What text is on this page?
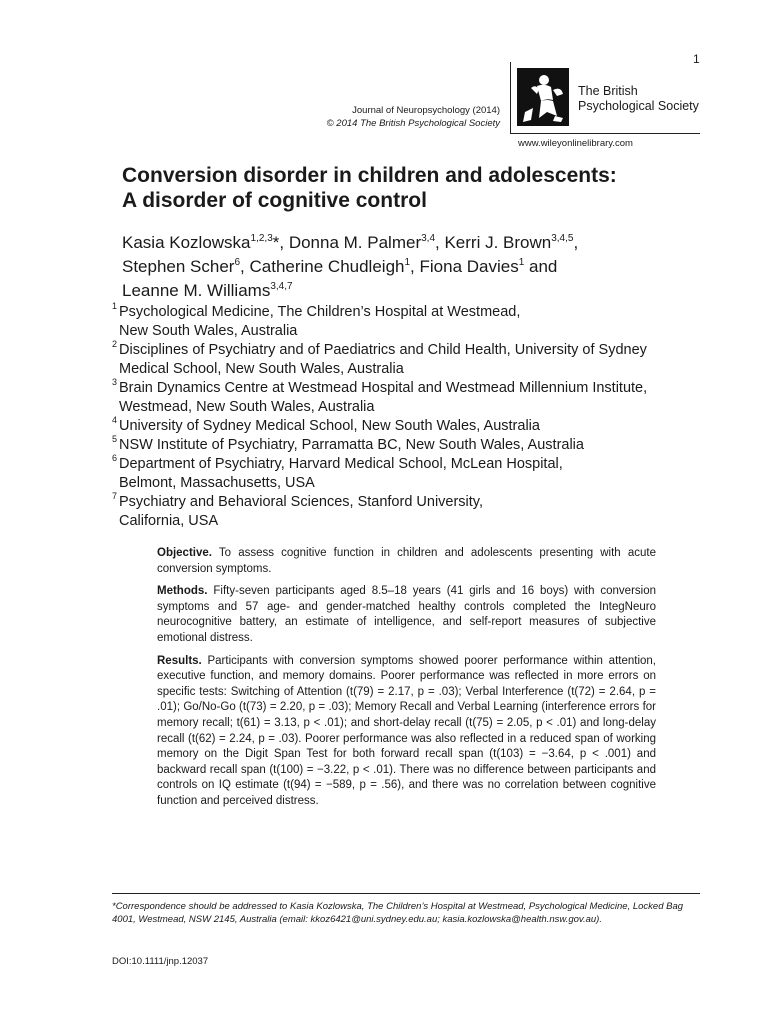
1
Journal of Neuropsychology (2014)
© 2014 The British Psychological Society
The British
Psychological Society
www.wileyonlinelibrary.com
Conversion disorder in children and adolescents:
A disorder of cognitive control
Kasia Kozlowska$^{1,2,3}$*, Donna M. Palmer$^{3,4}$, Kerri J. Brown$^{3,4,5}$,
Stephen Scher$^6$, Catherine Chudleigh$^1$, Fiona Davies$^1$ and
Leanne M. Williams$^{3,4,7}$
1 Psychological Medicine, The Children’s Hospital at Westmead,
New South Wales, Australia
2 Disciplines of Psychiatry and of Paediatrics and Child Health, University of Sydney
Medical School, New South Wales, Australia
3 Brain Dynamics Centre at Westmead Hospital and Westmead Millennium Institute,
Westmead, New South Wales, Australia
4 University of Sydney Medical School, New South Wales, Australia
5 NSW Institute of Psychiatry, Parramatta BC, New South Wales, Australia
6 Department of Psychiatry, Harvard Medical School, McLean Hospital,
Belmont, Massachusetts, USA
7 Psychiatry and Behavioral Sciences, Stanford University,
California, USA

Objective. To assess cognitive function in children and adolescents presenting with acute conversion symptoms.

Methods. Fifty-seven participants aged 8.5–18 years (41 girls and 16 boys) with conversion symptoms and 57 age- and gender-matched healthy controls completed the IntegNeuro neurocognitive battery, an estimate of intelligence, and self-report measures of subjective emotional distress.

Results. Participants with conversion symptoms showed poorer performance within attention, executive function, and memory domains. Poorer performance was reflected in more errors on specific tests: Switching of Attention (t(79) = 2.17, p = .03); Verbal Interference (t(72) = 2.64, p = .01); Go/No-Go (t(73) = 2.20, p = .03); Memory Recall and Verbal Learning (interference errors for memory recall; t(61) = 3.13, p < .01); and short-delay recall (t(75) = 2.05, p < .01) and long-delay recall (t(62) = 2.24, p = .03). Poorer performance was also reflected in a reduced span of working memory on the Digit Span Test for both forward recall span (t(103) = −3.64, p < .001) and backward recall span (t(100) = −3.22, p < .01). There was no difference between participants and controls on IQ estimate (t(94) = −589, p = .56), and there was no correlation between cognitive function and perceived distress.

*Correspondence should be addressed to Kasia Kozlowska, The Children’s Hospital at Westmead, Psychological Medicine, Locked Bag 4001, Westmead, NSW 2145, Australia (email: kkoz6421@uni.sydney.edu.au; kasia.kozlowska@health.nsw.gov.au).
DOI:10.1111/jnp.12037
